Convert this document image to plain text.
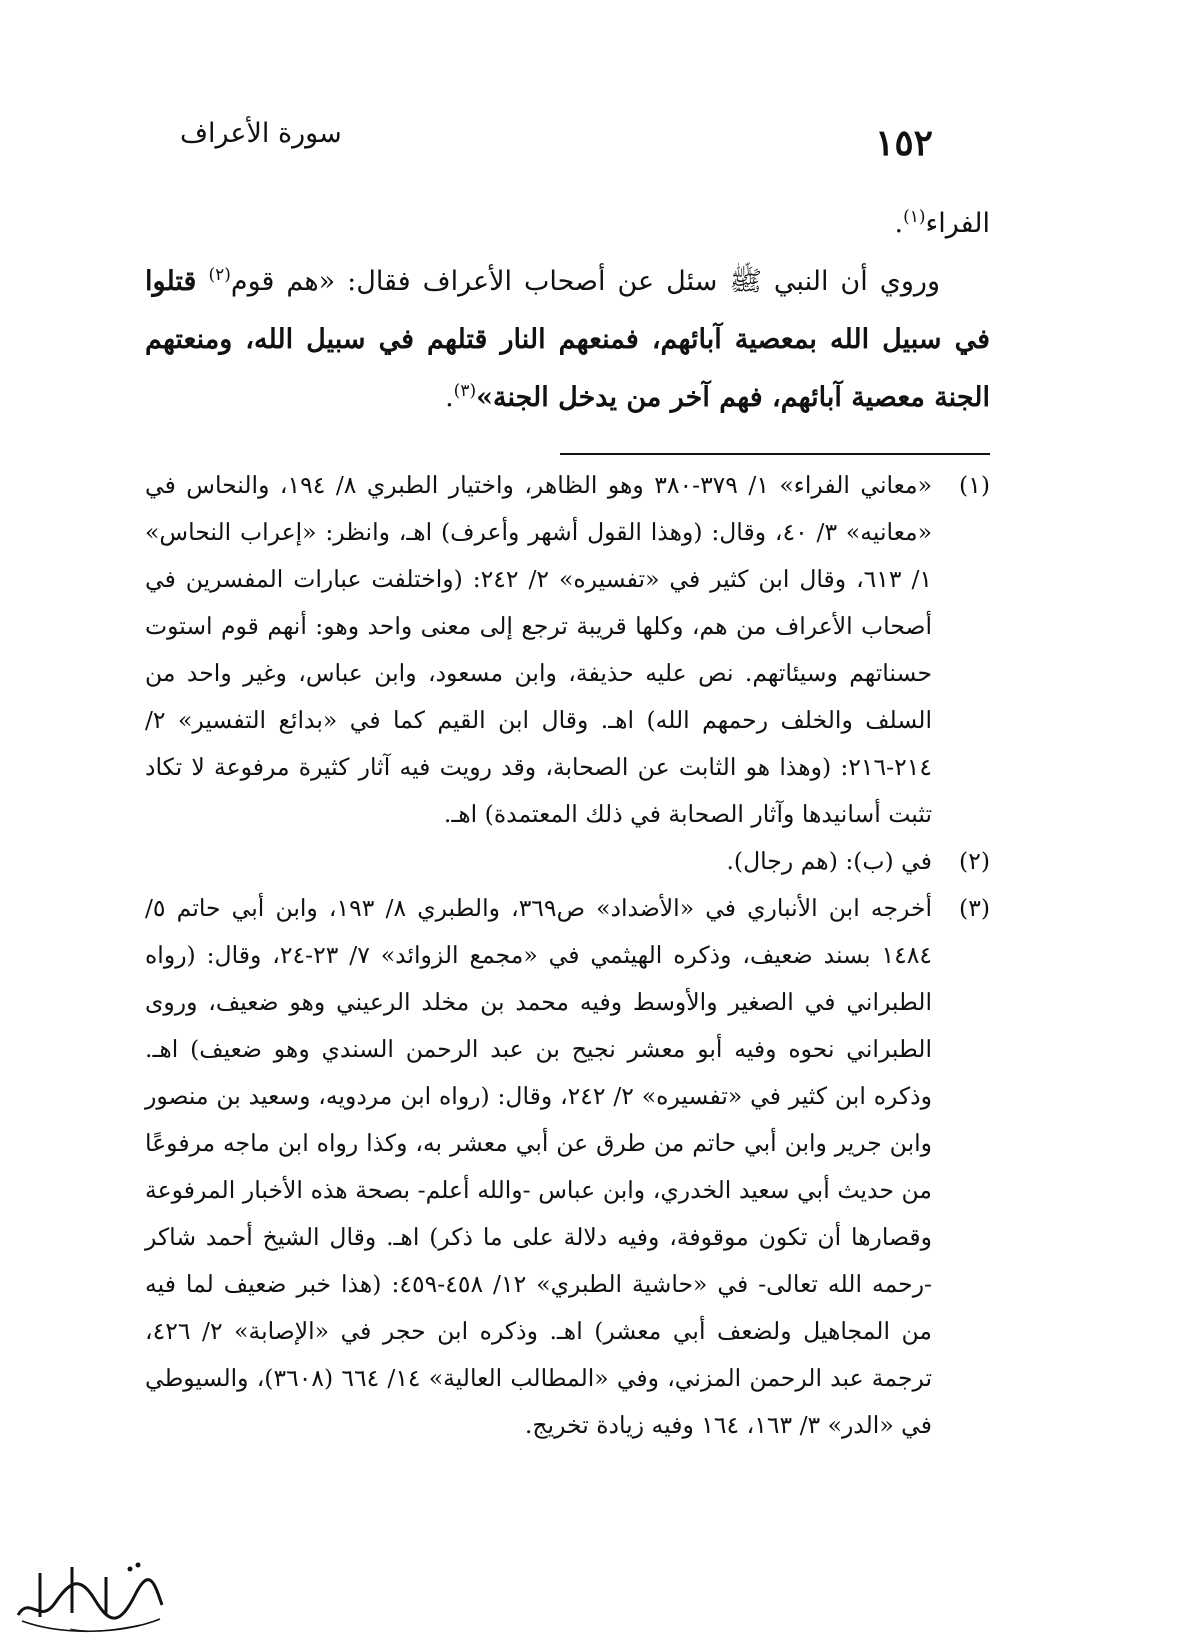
١٥٢
سورة الأعراف

الفراء$^{(١)}$.

وروي أن النبي ﷺ سئل عن أصحاب الأعراف فقال: «هم قوم$^{(٢)}$ قتلوا في سبيل الله بمعصية آبائهم، فمنعهم النار قتلهم في سبيل الله، ومنعتهم الجنة معصية آبائهم، فهم آخر من يدخل الجنة»$^{(٣)}$.

(١)
«معاني الفراء» ١/ ٣٧٩-٣٨٠ وهو الظاهر، واختيار الطبري ٨/ ١٩٤، والنحاس في «معانيه» ٣/ ٤٠، وقال: (وهذا القول أشهر وأعرف) اهـ، وانظر: «إعراب النحاس» ١/ ٦١٣، وقال ابن كثير في «تفسيره» ٢/ ٢٤٢: (واختلفت عبارات المفسرين في أصحاب الأعراف من هم، وكلها قريبة ترجع إلى معنى واحد وهو: أنهم قوم استوت حسناتهم وسيئاتهم. نص عليه حذيفة، وابن مسعود، وابن عباس، وغير واحد من السلف والخلف رحمهم الله) اهـ. وقال ابن القيم كما في «بدائع التفسير» ٢/ ٢١٤-٢١٦: (وهذا هو الثابت عن الصحابة، وقد رويت فيه آثار كثيرة مرفوعة لا تكاد تثبت أسانيدها وآثار الصحابة في ذلك المعتمدة) اهـ.
(٢)
في (ب): (هم رجال).
(٣)
أخرجه ابن الأنباري في «الأضداد» ص٣٦٩، والطبري ٨/ ١٩٣، وابن أبي حاتم ٥/ ١٤٨٤ بسند ضعيف، وذكره الهيثمي في «مجمع الزوائد» ٧/ ٢٣-٢٤، وقال: (رواه الطبراني في الصغير والأوسط وفيه محمد بن مخلد الرعيني وهو ضعيف، وروى الطبراني نحوه وفيه أبو معشر نجيح بن عبد الرحمن السندي وهو ضعيف) اهـ. وذكره ابن كثير في «تفسيره» ٢/ ٢٤٢، وقال: (رواه ابن مردويه، وسعيد بن منصور وابن جرير وابن أبي حاتم من طرق عن أبي معشر به، وكذا رواه ابن ماجه مرفوعًا من حديث أبي سعيد الخدري، وابن عباس -والله أعلم- بصحة هذه الأخبار المرفوعة وقصارها أن تكون موقوفة، وفيه دلالة على ما ذكر) اهـ. وقال الشيخ أحمد شاكر -رحمه الله تعالى- في «حاشية الطبري» ١٢/ ٤٥٨-٤٥٩: (هذا خبر ضعيف لما فيه من المجاهيل ولضعف أبي معشر) اهـ. وذكره ابن حجر في «الإصابة» ٢/ ٤٢٦، ترجمة عبد الرحمن المزني، وفي «المطالب العالية» ١٤/ ٦٦٤ (٣٦٠٨)، والسيوطي في «الدر» ٣/ ١٦٣، ١٦٤ وفيه زيادة تخريج.
